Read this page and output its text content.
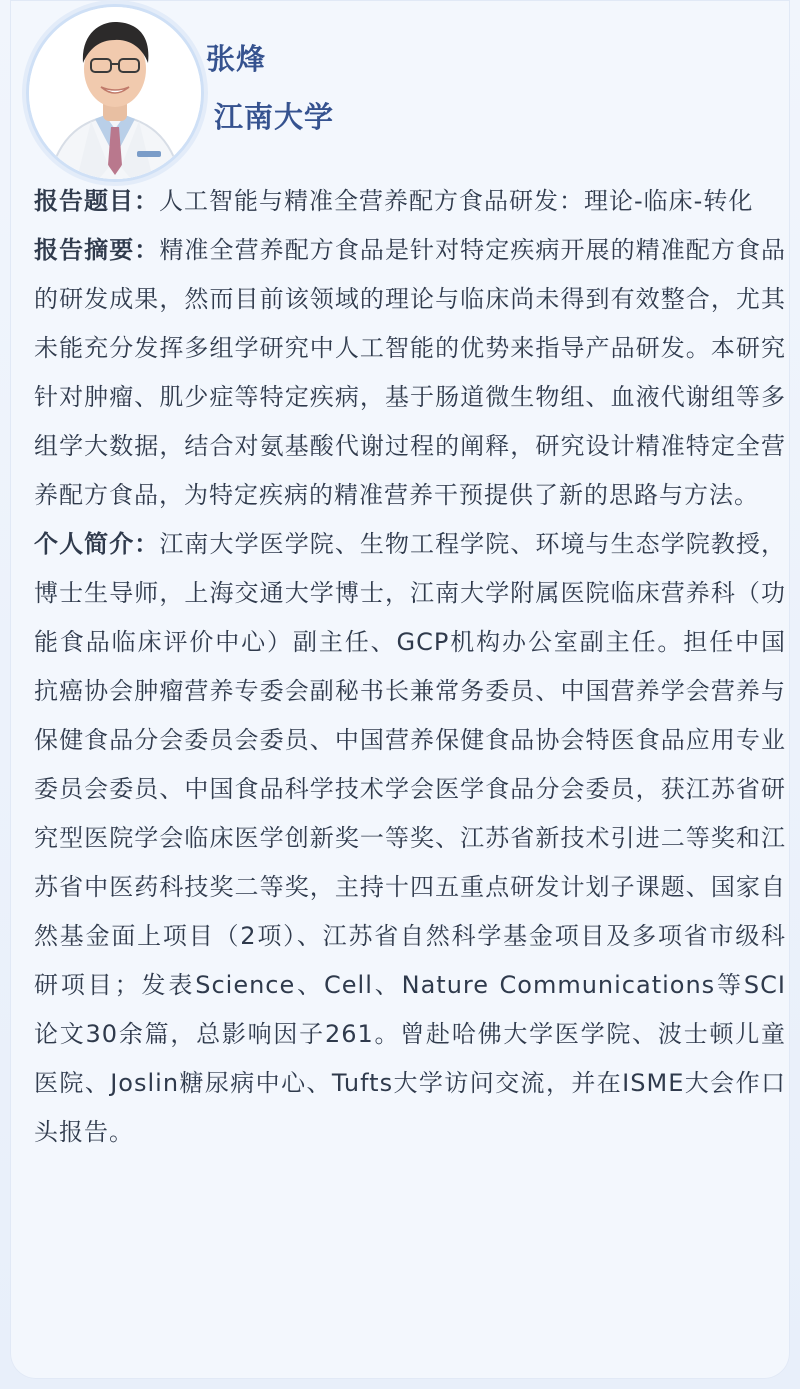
张烽
江南大学

报告题目：人工智能与精准全营养配方食品研发：理论-临床-转化

报告摘要：精准全营养配方食品是针对特定疾病开展的精准配方食品的研发成果，然而目前该领域的理论与临床尚未得到有效整合，尤其未能充分发挥多组学研究中人工智能的优势来指导产品研发。本研究针对肿瘤、肌少症等特定疾病，基于肠道微生物组、血液代谢组等多组学大数据，结合对氨基酸代谢过程的阐释，研究设计精准特定全营养配方食品，为特定疾病的精准营养干预提供了新的思路与方法。

个人简介：江南大学医学院、生物工程学院、环境与生态学院教授，博士生导师，上海交通大学博士，江南大学附属医院临床营养科（功能食品临床评价中心）副主任、GCP机构办公室副主任。担任中国抗癌协会肿瘤营养专委会副秘书长兼常务委员、中国营养学会营养与保健食品分会委员会委员、中国营养保健食品协会特医食品应用专业委员会委员、中国食品科学技术学会医学食品分会委员，获江苏省研究型医院学会临床医学创新奖一等奖、江苏省新技术引进二等奖和江苏省中医药科技奖二等奖，主持十四五重点研发计划子课题、国家自然基金面上项目（2项）、江苏省自然科学基金项目及多项省市级科研项目；发表Science、Cell、Nature Communications等SCI论文30余篇，总影响因子261。曾赴哈佛大学医学院、波士顿儿童医院、Joslin糖尿病中心、Tufts大学访问交流，并在ISME大会作口头报告。
